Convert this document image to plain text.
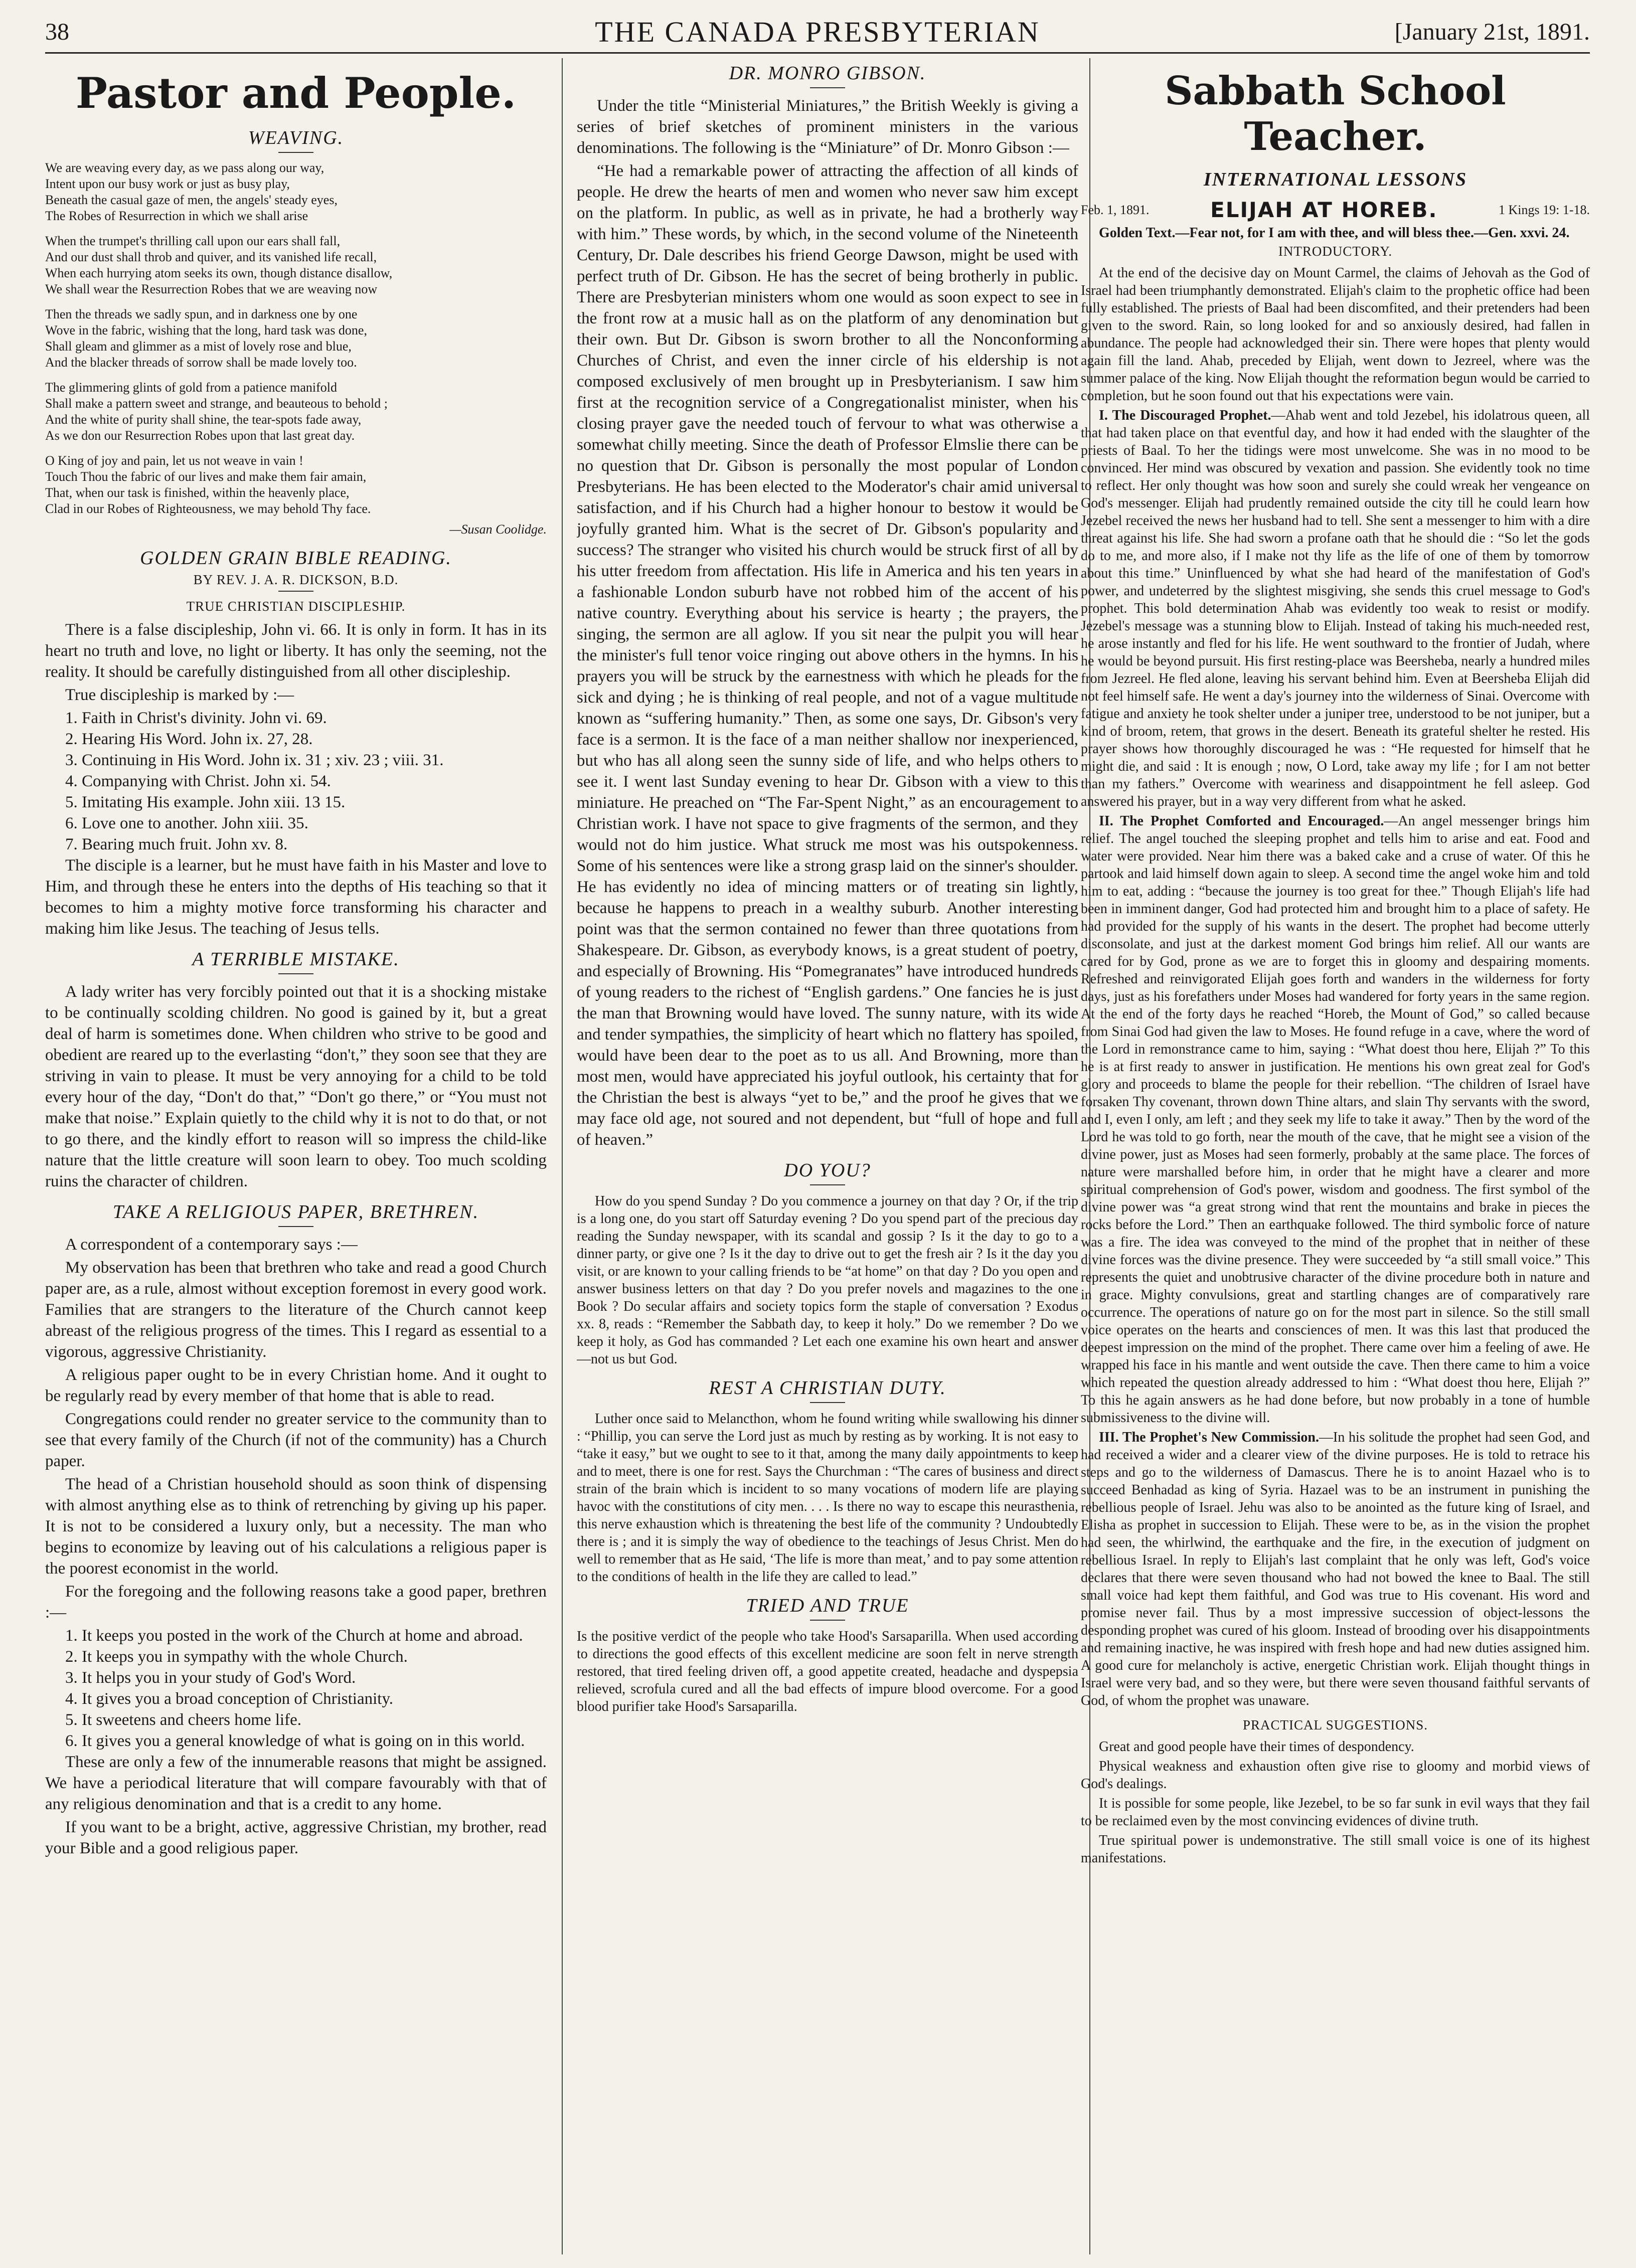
38	THE CANADA PRESBYTERIAN	[January 21st, 1891.
Pastor and People.
WEAVING.
We are weaving every day, as we pass along our way,
Intent upon our busy work or just as busy play,
Beneath the casual gaze of men, the angels' steady eyes,
The Robes of Resurrection in which we shall arise
When the trumpet's thrilling call upon our ears shall fall,
And our dust shall throb and quiver, and its vanished life recall,
When each hurrying atom seeks its own, though distance disallow,
We shall wear the Resurrection Robes that we are weaving now
Then the threads we sadly spun, and in darkness one by one
Wove in the fabric, wishing that the long, hard task was done,
Shall gleam and glimmer as a mist of lovely rose and blue,
And the blacker threads of sorrow shall be made lovely too.
The glimmering glints of gold from a patience manifold
Shall make a pattern sweet and strange, and beauteous to behold ;
And the white of purity shall shine, the tear-spots fade away,
As we don our Resurrection Robes upon that last great day.
O King of joy and pain, let us not weave in vain !
Touch Thou the fabric of our lives and make them fair amain,
That, when our task is finished, within the heavenly place,
Clad in our Robes of Righteousness, we may behold Thy face.
—Susan Coolidge.
GOLDEN GRAIN BIBLE READING.
BY REV. J. A. R. DICKSON, B.D.
TRUE CHRISTIAN DISCIPLESHIP.

There is a false discipleship, John vi. 66. It is only in form. It has in its heart no truth and love, no light or liberty. It has only the seeming, not the reality. It should be carefully distinguished from all other discipleship.

True discipleship is marked by :—

1. Faith in Christ's divinity. John vi. 69.
2. Hearing His Word. John ix. 27, 28.
3. Continuing in His Word. John ix. 31 ; xiv. 23 ; viii. 31.
4. Companying with Christ. John xi. 54.
5. Imitating His example. John xiii. 13 15.
6. Love one to another. John xiii. 35.
7. Bearing much fruit. John xv. 8.

The disciple is a learner, but he must have faith in his Master and love to Him, and through these he enters into the depths of His teaching so that it becomes to him a mighty motive force transforming his character and making him like Jesus. The teaching of Jesus tells.

A TERRIBLE MISTAKE.

A lady writer has very forcibly pointed out that it is a shocking mistake to be continually scolding children. No good is gained by it, but a great deal of harm is sometimes done. When children who strive to be good and obedient are reared up to the everlasting “don't,” they soon see that they are striving in vain to please. It must be very annoying for a child to be told every hour of the day, “Don't do that,” “Don't go there,” or “You must not make that noise.” Explain quietly to the child why it is not to do that, or not to go there, and the kindly effort to reason will so impress the child-like nature that the little creature will soon learn to obey. Too much scolding ruins the character of children.

TAKE A RELIGIOUS PAPER, BRETHREN.

A correspondent of a contemporary says :—

My observation has been that brethren who take and read a good Church paper are, as a rule, almost without exception foremost in every good work. Families that are strangers to the literature of the Church cannot keep abreast of the religious progress of the times. This I regard as essential to a vigorous, aggressive Christianity.

A religious paper ought to be in every Christian home. And it ought to be regularly read by every member of that home that is able to read.

Congregations could render no greater service to the community than to see that every family of the Church (if not of the community) has a Church paper.

The head of a Christian household should as soon think of dispensing with almost anything else as to think of retrenching by giving up his paper. It is not to be considered a luxury only, but a necessity. The man who begins to economize by leaving out of his calculations a religious paper is the poorest economist in the world.

For the foregoing and the following reasons take a good paper, brethren :—

1. It keeps you posted in the work of the Church at home and abroad.
2. It keeps you in sympathy with the whole Church.
3. It helps you in your study of God's Word.
4. It gives you a broad conception of Christianity.
5. It sweetens and cheers home life.
6. It gives you a general knowledge of what is going on in this world.

These are only a few of the innumerable reasons that might be assigned. We have a periodical literature that will compare favourably with that of any religious denomination and that is a credit to any home.

If you want to be a bright, active, aggressive Christian, my brother, read your Bible and a good religious paper.

DR. MONRO GIBSON.

Under the title “Ministerial Miniatures,” the British Weekly is giving a series of brief sketches of prominent ministers in the various denominations. The following is the “Miniature” of Dr. Monro Gibson :—

“He had a remarkable power of attracting the affection of all kinds of people. He drew the hearts of men and women who never saw him except on the platform. In public, as well as in private, he had a brotherly way with him.” These words, by which, in the second volume of the Nineteenth Century, Dr. Dale describes his friend George Dawson, might be used with perfect truth of Dr. Gibson. He has the secret of being brotherly in public. There are Presbyterian ministers whom one would as soon expect to see in the front row at a music hall as on the platform of any denomination but their own. But Dr. Gibson is sworn brother to all the Nonconforming Churches of Christ, and even the inner circle of his eldership is not composed exclusively of men brought up in Presbyterianism. I saw him first at the recognition service of a Congregationalist minister, when his closing prayer gave the needed touch of fervour to what was otherwise a somewhat chilly meeting. Since the death of Professor Elmslie there can be no question that Dr. Gibson is personally the most popular of London Presbyterians. He has been elected to the Moderator's chair amid universal satisfaction, and if his Church had a higher honour to bestow it would be joyfully granted him. What is the secret of Dr. Gibson's popularity and success? The stranger who visited his church would be struck first of all by his utter freedom from affectation. His life in America and his ten years in a fashionable London suburb have not robbed him of the accent of his native country. Everything about his service is hearty ; the prayers, the singing, the sermon are all aglow. If you sit near the pulpit you will hear the minister's full tenor voice ringing out above others in the hymns. In his prayers you will be struck by the earnestness with which he pleads for the sick and dying ; he is thinking of real people, and not of a vague multitude known as “suffering humanity.” Then, as some one says, Dr. Gibson's very face is a sermon. It is the face of a man neither shallow nor inexperienced, but who has all along seen the sunny side of life, and who helps others to see it. I went last Sunday evening to hear Dr. Gibson with a view to this miniature. He preached on “The Far-Spent Night,” as an encouragement to Christian work. I have not space to give fragments of the sermon, and they would not do him justice. What struck me most was his outspokenness. Some of his sentences were like a strong grasp laid on the sinner's shoulder. He has evidently no idea of mincing matters or of treating sin lightly, because he happens to preach in a wealthy suburb. Another interesting point was that the sermon contained no fewer than three quotations from Shakespeare. Dr. Gibson, as everybody knows, is a great student of poetry, and especially of Browning. His “Pomegranates” have introduced hundreds of young readers to the richest of “English gardens.” One fancies he is just the man that Browning would have loved. The sunny nature, with its wide and tender sympathies, the simplicity of heart which no flattery has spoiled, would have been dear to the poet as to us all. And Browning, more than most men, would have appreciated his joyful outlook, his certainty that for the Christian the best is always “yet to be,” and the proof he gives that we may face old age, not soured and not dependent, but “full of hope and full of heaven.”

DO YOU?

How do you spend Sunday ? Do you commence a journey on that day ? Or, if the trip is a long one, do you start off Saturday evening ? Do you spend part of the precious day reading the Sunday newspaper, with its scandal and gossip ? Is it the day to go to a dinner party, or give one ? Is it the day to drive out to get the fresh air ? Is it the day you visit, or are known to your calling friends to be “at home” on that day ? Do you open and answer business letters on that day ? Do you prefer novels and magazines to the one Book ? Do secular affairs and society topics form the staple of conversation ? Exodus xx. 8, reads : “Remember the Sabbath day, to keep it holy.” Do we remember ? Do we keep it holy, as God has commanded ? Let each one examine his own heart and answer—not us but God.

REST A CHRISTIAN DUTY.

Luther once said to Melancthon, whom he found writing while swallowing his dinner : “Phillip, you can serve the Lord just as much by resting as by working. It is not easy to “take it easy,” but we ought to see to it that, among the many daily appointments to keep and to meet, there is one for rest. Says the Churchman : “The cares of business and direct strain of the brain which is incident to so many vocations of modern life are playing havoc with the constitutions of city men. . . . Is there no way to escape this neurasthenia, this nerve exhaustion which is threatening the best life of the community ? Undoubtedly there is ; and it is simply the way of obedience to the teachings of Jesus Christ. Men do well to remember that as He said, ‘The life is more than meat,’ and to pay some attention to the conditions of health in the life they are called to lead.”

TRIED AND TRUE

Is the positive verdict of the people who take Hood's Sarsaparilla. When used according to directions the good effects of this excellent medicine are soon felt in nerve strength restored, that tired feeling driven off, a good appetite created, headache and dyspepsia relieved, scrofula cured and all the bad effects of impure blood overcome. For a good blood purifier take Hood's Sarsaparilla.

Sabbath School Teacher.
INTERNATIONAL LESSONS
Feb. 1, 1891.	ELIJAH AT HOREB.	1 Kings 19: 1-18.

Golden Text.—Fear not, for I am with thee, and will bless thee.—Gen. xxvi. 24.

INTRODUCTORY.

At the end of the decisive day on Mount Carmel, the claims of Jehovah as the God of Israel had been triumphantly demonstrated. Elijah's claim to the prophetic office had been fully established. The priests of Baal had been discomfited, and their pretenders had been given to the sword. Rain, so long looked for and so anxiously desired, had fallen in abundance. The people had acknowledged their sin. There were hopes that plenty would again fill the land. Ahab, preceded by Elijah, went down to Jezreel, where was the summer palace of the king. Now Elijah thought the reformation begun would be carried to completion, but he soon found out that his expectations were vain.

I. The Discouraged Prophet.—Ahab went and told Jezebel, his idolatrous queen, all that had taken place on that eventful day, and how it had ended with the slaughter of the priests of Baal. To her the tidings were most unwelcome. She was in no mood to be convinced. Her mind was obscured by vexation and passion. She evidently took no time to reflect. Her only thought was how soon and surely she could wreak her vengeance on God's messenger. Elijah had prudently remained outside the city till he could learn how Jezebel received the news her husband had to tell. She sent a messenger to him with a dire threat against his life. She had sworn a profane oath that he should die : “So let the gods do to me, and more also, if I make not thy life as the life of one of them by tomorrow about this time.” Uninfluenced by what she had heard of the manifestation of God's power, and undeterred by the slightest misgiving, she sends this cruel message to God's prophet. This bold determination Ahab was evidently too weak to resist or modify. Jezebel's message was a stunning blow to Elijah. Instead of taking his much-needed rest, he arose instantly and fled for his life. He went southward to the frontier of Judah, where he would be beyond pursuit. His first resting-place was Beersheba, nearly a hundred miles from Jezreel. He fled alone, leaving his servant behind him. Even at Beersheba Elijah did not feel himself safe. He went a day's journey into the wilderness of Sinai. Overcome with fatigue and anxiety he took shelter under a juniper tree, understood to be not juniper, but a kind of broom, retem, that grows in the desert. Beneath its grateful shelter he rested. His prayer shows how thoroughly discouraged he was : “He requested for himself that he might die, and said : It is enough ; now, O Lord, take away my life ; for I am not better than my fathers.” Overcome with weariness and disappointment he fell asleep. God answered his prayer, but in a way very different from what he asked.

II. The Prophet Comforted and Encouraged.—An angel messenger brings him relief. The angel touched the sleeping prophet and tells him to arise and eat. Food and water were provided. Near him there was a baked cake and a cruse of water. Of this he partook and laid himself down again to sleep. A second time the angel woke him and told him to eat, adding : “because the journey is too great for thee.” Though Elijah's life had been in imminent danger, God had protected him and brought him to a place of safety. He had provided for the supply of his wants in the desert. The prophet had become utterly disconsolate, and just at the darkest moment God brings him relief. All our wants are cared for by God, prone as we are to forget this in gloomy and despairing moments. Refreshed and reinvigorated Elijah goes forth and wanders in the wilderness for forty days, just as his forefathers under Moses had wandered for forty years in the same region. At the end of the forty days he reached “Horeb, the Mount of God,” so called because from Sinai God had given the law to Moses. He found refuge in a cave, where the word of the Lord in remonstrance came to him, saying : “What doest thou here, Elijah ?” To this he is at first ready to answer in justification. He mentions his own great zeal for God's glory and proceeds to blame the people for their rebellion. “The children of Israel have forsaken Thy covenant, thrown down Thine altars, and slain Thy servants with the sword, and I, even I only, am left ; and they seek my life to take it away.” Then by the word of the Lord he was told to go forth, near the mouth of the cave, that he might see a vision of the divine power, just as Moses had seen formerly, probably at the same place. The forces of nature were marshalled before him, in order that he might have a clearer and more spiritual comprehension of God's power, wisdom and goodness. The first symbol of the divine power was “a great strong wind that rent the mountains and brake in pieces the rocks before the Lord.” Then an earthquake followed. The third symbolic force of nature was a fire. The idea was conveyed to the mind of the prophet that in neither of these divine forces was the divine presence. They were succeeded by “a still small voice.” This represents the quiet and unobtrusive character of the divine procedure both in nature and in grace. Mighty convulsions, great and startling changes are of comparatively rare occurrence. The operations of nature go on for the most part in silence. So the still small voice operates on the hearts and consciences of men. It was this last that produced the deepest impression on the mind of the prophet. There came over him a feeling of awe. He wrapped his face in his mantle and went outside the cave. Then there came to him a voice which repeated the question already addressed to him : “What doest thou here, Elijah ?” To this he again answers as he had done before, but now probably in a tone of humble submissiveness to the divine will.

III. The Prophet's New Commission.—In his solitude the prophet had seen God, and had received a wider and a clearer view of the divine purposes. He is told to retrace his steps and go to the wilderness of Damascus. There he is to anoint Hazael who is to succeed Benhadad as king of Syria. Hazael was to be an instrument in punishing the rebellious people of Israel. Jehu was also to be anointed as the future king of Israel, and Elisha as prophet in succession to Elijah. These were to be, as in the vision the prophet had seen, the whirlwind, the earthquake and the fire, in the execution of judgment on rebellious Israel. In reply to Elijah's last complaint that he only was left, God's voice declares that there were seven thousand who had not bowed the knee to Baal. The still small voice had kept them faithful, and God was true to His covenant. His word and promise never fail. Thus by a most impressive succession of object-lessons the desponding prophet was cured of his gloom. Instead of brooding over his disappointments and remaining inactive, he was inspired with fresh hope and had new duties assigned him. A good cure for melancholy is active, energetic Christian work. Elijah thought things in Israel were very bad, and so they were, but there were seven thousand faithful servants of God, of whom the prophet was unaware.

PRACTICAL SUGGESTIONS.

Great and good people have their times of despondency.

Physical weakness and exhaustion often give rise to gloomy and morbid views of God's dealings.

It is possible for some people, like Jezebel, to be so far sunk in evil ways that they fail to be reclaimed even by the most convincing evidences of divine truth.

True spiritual power is undemonstrative. The still small voice is one of its highest manifestations.
